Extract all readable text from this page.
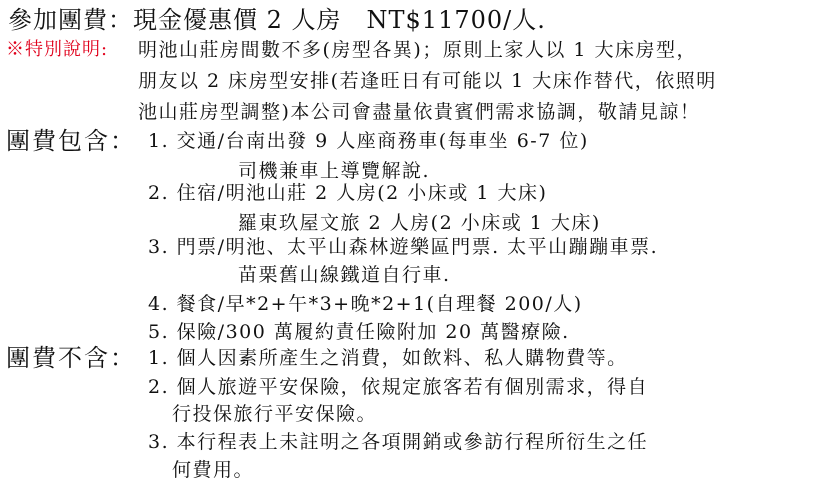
參加團費：現金優惠價 2 人房　NT$11700/人.
※特別說明: 明池山莊房間數不多(房型各異)；原則上家人以 1 大床房型，
朋友以 2 床房型安排(若逢旺日有可能以 1 大床作替代，依照明
池山莊房型調整)本公司會盡量依貴賓們需求協調，敬請見諒！
團費包含： 1. 交通/台南出發 9 人座商務車(每車坐 6-7 位)
司機兼車上導覽解說.
2. 住宿/明池山莊 2 人房(2 小床或 1 大床)
羅東玖屋文旅 2 人房(2 小床或 1 大床)
3. 門票/明池、太平山森林遊樂區門票. 太平山蹦蹦車票.
苗栗舊山線鐵道自行車.
4. 餐食/早*2+午*3+晚*2+1(自理餐 200/人)
5. 保險/300 萬履約責任險附加 20 萬醫療險.
團費不含： 1. 個人因素所產生之消費，如飲料、私人購物費等。
2. 個人旅遊平安保險，依規定旅客若有個別需求，得自
行投保旅行平安保險。
3. 本行程表上未註明之各項開銷或參訪行程所衍生之任
何費用。
